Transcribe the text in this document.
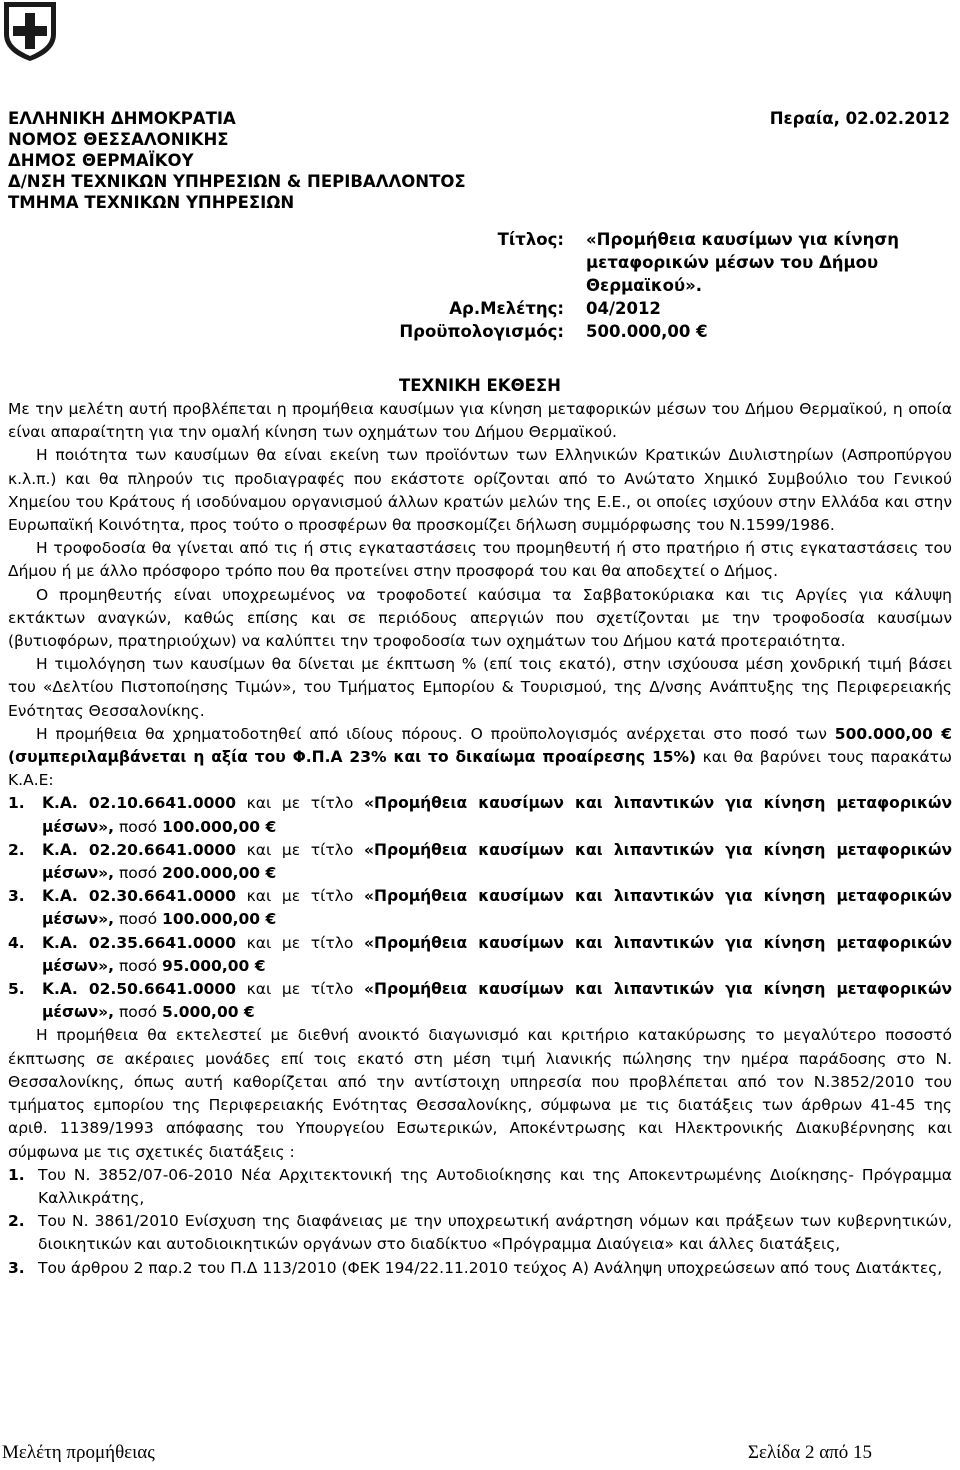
ΕΛΛΗΝΙΚΗ ΔΗΜΟΚΡΑΤΙΑ
ΝΟΜΟΣ ΘΕΣΣΑΛΟΝΙΚΗΣ
ΔΗΜΟΣ ΘΕΡΜΑΪΚΟΥ
Δ/ΝΣΗ ΤΕΧΝΙΚΩΝ ΥΠΗΡΕΣΙΩΝ & ΠΕΡΙΒΑΛΛΟΝΤΟΣ
ΤΜΗΜΑ ΤΕΧΝΙΚΩΝ ΥΠΗΡΕΣΙΩΝ
Περαία, 02.02.2012
Τίτλος:	«Προμήθεια καυσίμων για κίνηση
μεταφορικών μέσων του Δήμου
Θερμαϊκού».
Αρ.Μελέτης:	04/2012
Προϋπολογισμός:	500.000,00 €
ΤΕΧΝΙΚΗ ΕΚΘΕΣΗ

Με την μελέτη αυτή προβλέπεται η προμήθεια καυσίμων για κίνηση μεταφορικών μέσων του Δήμου Θερμαϊκού, η οποία είναι απαραίτητη για την ομαλή κίνηση των οχημάτων του Δήμου Θερμαϊκού.

Η ποιότητα των καυσίμων θα είναι εκείνη των προϊόντων των Ελληνικών Κρατικών Διυλιστηρίων (Ασπροπύργου κ.λ.π.) και θα πληρούν τις προδιαγραφές που εκάστοτε ορίζονται από το Ανώτατο Χημικό Συμβούλιο του Γενικού Χημείου του Κράτους ή ισοδύναμου οργανισμού άλλων κρατών μελών της Ε.Ε., οι οποίες ισχύουν στην Ελλάδα και στην Ευρωπαϊκή Κοινότητα, προς τούτο ο προσφέρων θα προσκομίζει δήλωση συμμόρφωσης του Ν.1599/1986.

Η τροφοδοσία θα γίνεται από τις ή στις εγκαταστάσεις του προμηθευτή ή στο πρατήριο ή στις εγκαταστάσεις του Δήμου ή με άλλο πρόσφορο τρόπο που θα προτείνει στην προσφορά του και θα αποδεχτεί ο Δήμος.

Ο προμηθευτής είναι υποχρεωμένος να τροφοδοτεί καύσιμα τα Σαββατοκύριακα και τις Αργίες για κάλυψη εκτάκτων αναγκών, καθώς επίσης και σε περιόδους απεργιών που σχετίζονται με την τροφοδοσία καυσίμων (βυτιοφόρων, πρατηριούχων) να καλύπτει την τροφοδοσία των οχημάτων του Δήμου κατά προτεραιότητα.

Η τιμολόγηση των καυσίμων θα δίνεται με έκπτωση % (επί τοις εκατό), στην ισχύουσα μέση χονδρική τιμή βάσει του «Δελτίου Πιστοποίησης Τιμών», του Τμήματος Εμπορίου & Τουρισμού, της Δ/νσης Ανάπτυξης της Περιφερειακής Ενότητας Θεσσαλονίκης.

Η προμήθεια θα χρηματοδοτηθεί από ιδίους πόρους. Ο προϋπολογισμός ανέρχεται στο ποσό των 500.000,00 € (συμπεριλαμβάνεται η αξία του Φ.Π.Α 23% και το δικαίωμα προαίρεσης 15%) και θα βαρύνει τους παρακάτω Κ.Α.Ε:

1.	Κ.Α. 02.10.6641.0000 και με τίτλο «Προμήθεια καυσίμων και λιπαντικών για κίνηση μεταφορικών μέσων», ποσό 100.000,00 €
2.	Κ.Α. 02.20.6641.0000 και με τίτλο «Προμήθεια καυσίμων και λιπαντικών για κίνηση μεταφορικών μέσων», ποσό 200.000,00 €
3.	Κ.Α. 02.30.6641.0000 και με τίτλο «Προμήθεια καυσίμων και λιπαντικών για κίνηση μεταφορικών μέσων», ποσό 100.000,00 €
4.	Κ.Α. 02.35.6641.0000 και με τίτλο «Προμήθεια καυσίμων και λιπαντικών για κίνηση μεταφορικών μέσων», ποσό 95.000,00 €
5.	Κ.Α. 02.50.6641.0000 και με τίτλο «Προμήθεια καυσίμων και λιπαντικών για κίνηση μεταφορικών μέσων», ποσό 5.000,00 €

Η προμήθεια θα εκτελεστεί με διεθνή ανοικτό διαγωνισμό και κριτήριο κατακύρωσης το μεγαλύτερο ποσοστό έκπτωσης σε ακέραιες μονάδες επί τοις εκατό στη μέση τιμή λιανικής πώλησης την ημέρα παράδοσης στο Ν. Θεσσαλονίκης, όπως αυτή καθορίζεται από την αντίστοιχη υπηρεσία που προβλέπεται από τον Ν.3852/2010 του τμήματος εμπορίου της Περιφερειακής Ενότητας Θεσσαλονίκης, σύμφωνα με τις διατάξεις των άρθρων 41-45 της αριθ. 11389/1993 απόφασης του Υπουργείου Εσωτερικών, Αποκέντρωσης και Ηλεκτρονικής Διακυβέρνησης και σύμφωνα με τις σχετικές διατάξεις :

1. Του Ν. 3852/07-06-2010 Νέα Αρχιτεκτονική της Αυτοδιοίκησης και της Αποκεντρωμένης Διοίκησης- Πρόγραμμα Καλλικράτης,
2. Του Ν. 3861/2010 Ενίσχυση της διαφάνειας με την υποχρεωτική ανάρτηση νόμων και πράξεων των κυβερνητικών, διοικητικών και αυτοδιοικητικών οργάνων στο διαδίκτυο «Πρόγραμμα Διαύγεια» και άλλες διατάξεις,
3. Του άρθρου 2 παρ.2 του Π.Δ 113/2010 (ΦΕΚ 194/22.11.2010 τεύχος Α) Ανάληψη υποχρεώσεων από τους Διατάκτες,
Μελέτη προμήθειας	Σελίδα 2 από 15
